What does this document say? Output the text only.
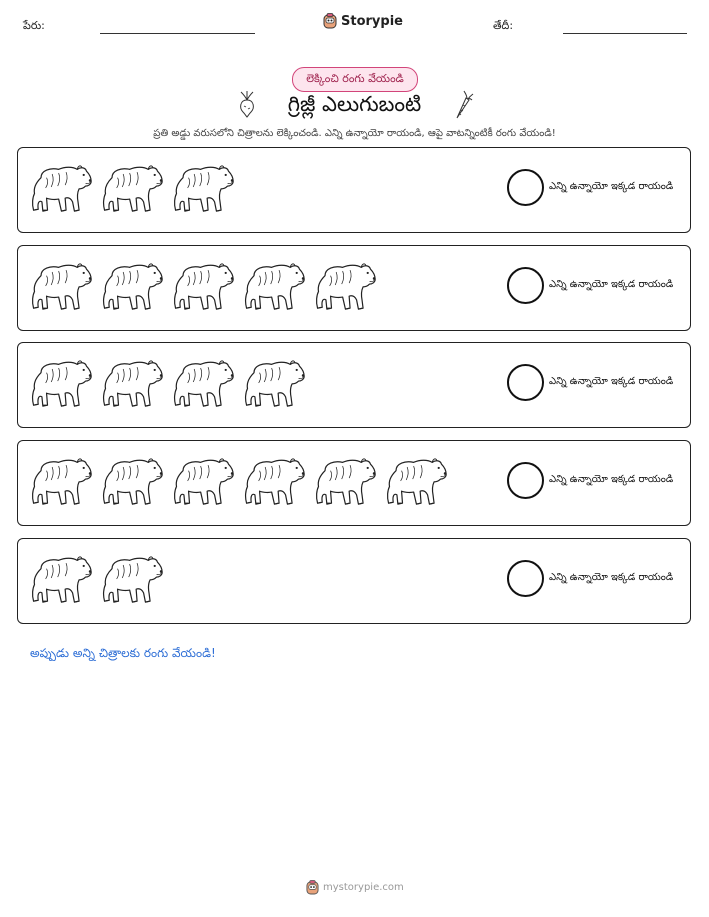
పేరు:	Storypie	తేదీ:
లెక్కించి రంగు వేయండి
గ్రిజ్లీ ఎలుగుబంటి
ప్రతి అడ్డు వరుసలోని చిత్రాలను లెక్కించండి. ఎన్ని ఉన్నాయో రాయండి, ఆపై వాటన్నింటికీ రంగు వేయండి!
ఎన్ని ఉన్నాయో ఇక్కడ రాయండి
ఎన్ని ఉన్నాయో ఇక్కడ రాయండి
ఎన్ని ఉన్నాయో ఇక్కడ రాయండి
ఎన్ని ఉన్నాయో ఇక్కడ రాయండి
ఎన్ని ఉన్నాయో ఇక్కడ రాయండి
అప్పుడు అన్ని చిత్రాలకు రంగు వేయండి!
mystorypie.com
